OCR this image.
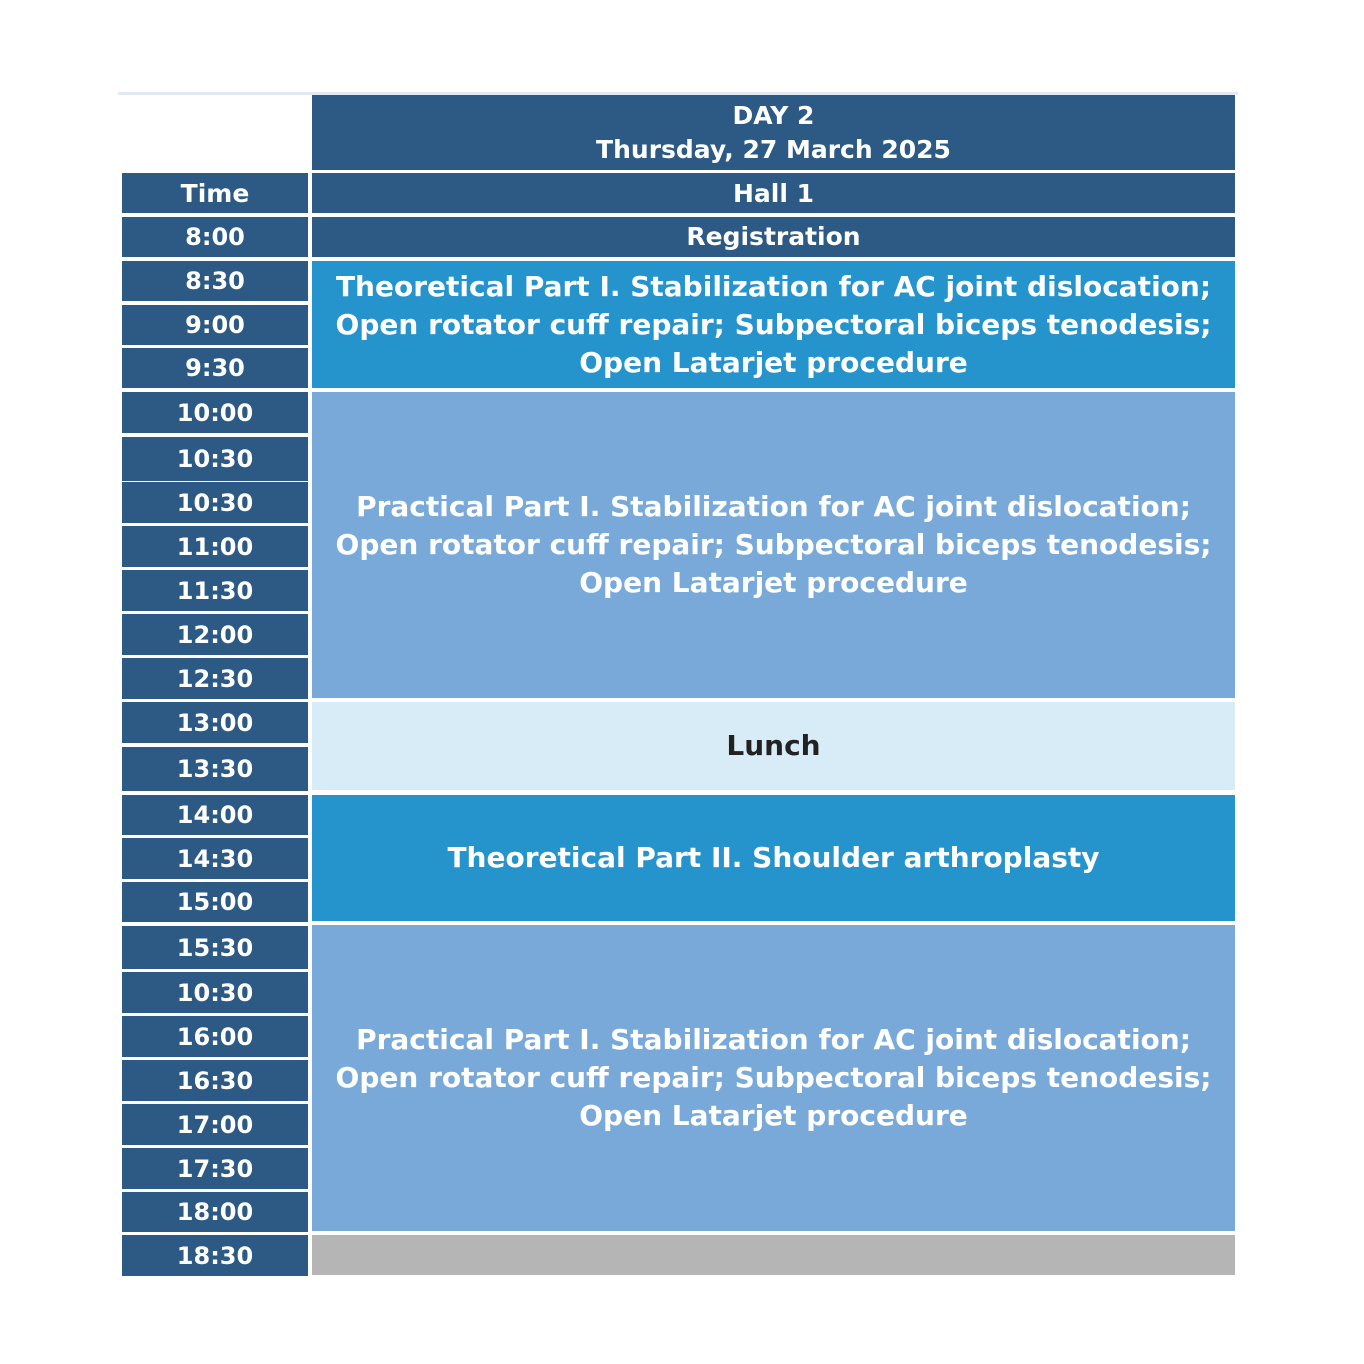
DAY 2
Thursday, 27 March 2025
Time	Hall 1
8:00
8:30
9:00
9:30
10:00
10:30
10:30
11:00
11:30
12:00
12:30
13:00
13:30
14:00
14:30
15:00
15:30
10:30
16:00
16:30
17:00
17:30
18:00
18:30
Registration
Theoretical Part I. Stabilization for AC joint dislocation;
Open rotator cuff repair; Subpectoral biceps tenodesis;
Open Latarjet procedure
Practical Part I. Stabilization for AC joint dislocation;
Open rotator cuff repair; Subpectoral biceps tenodesis;
Open Latarjet procedure
Lunch
Theoretical Part II. Shoulder arthroplasty
Practical Part I. Stabilization for AC joint dislocation;
Open rotator cuff repair; Subpectoral biceps tenodesis;
Open Latarjet procedure
